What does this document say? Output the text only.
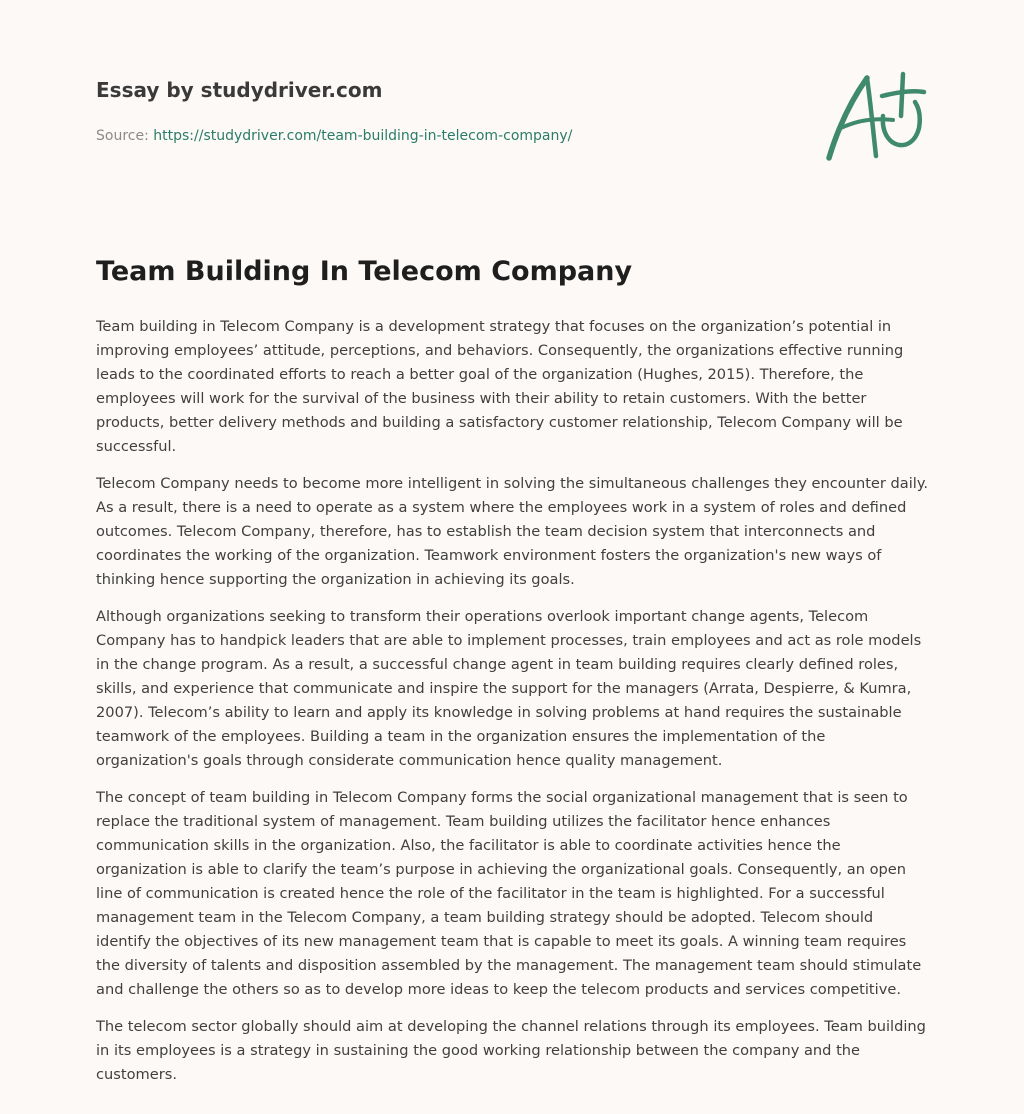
Essay by studydriver.com
Source: https://studydriver.com/team-building-in-telecom-company/
Team Building In Telecom Company

Team building in Telecom Company is a development strategy that focuses on the organization’s potential in improving employees’ attitude, perceptions, and behaviors. Consequently, the organizations effective running leads to the coordinated efforts to reach a better goal of the organization (Hughes, 2015). Therefore, the employees will work for the survival of the business with their ability to retain customers. With the better products, better delivery methods and building a satisfactory customer relationship, Telecom Company will be successful.

Telecom Company needs to become more intelligent in solving the simultaneous challenges they encounter daily. As a result, there is a need to operate as a system where the employees work in a system of roles and defined outcomes. Telecom Company, therefore, has to establish the team decision system that interconnects and coordinates the working of the organization. Teamwork environment fosters the organization's new ways of thinking hence supporting the organization in achieving its goals.

Although organizations seeking to transform their operations overlook important change agents, Telecom Company has to handpick leaders that are able to implement processes, train employees and act as role models in the change program. As a result, a successful change agent in team building requires clearly defined roles, skills, and experience that communicate and inspire the support for the managers (Arrata, Despierre, & Kumra, 2007). Telecom’s ability to learn and apply its knowledge in solving problems at hand requires the sustainable teamwork of the employees. Building a team in the organization ensures the implementation of the organization's goals through considerate communication hence quality management.

The concept of team building in Telecom Company forms the social organizational management that is seen to replace the traditional system of management. Team building utilizes the facilitator hence enhances communication skills in the organization. Also, the facilitator is able to coordinate activities hence the organization is able to clarify the team’s purpose in achieving the organizational goals. Consequently, an open line of communication is created hence the role of the facilitator in the team is highlighted. For a successful management team in the Telecom Company, a team building strategy should be adopted. Telecom should identify the objectives of its new management team that is capable to meet its goals. A winning team requires the diversity of talents and disposition assembled by the management. The management team should stimulate and challenge the others so as to develop more ideas to keep the telecom products and services competitive.

The telecom sector globally should aim at developing the channel relations through its employees. Team building in its employees is a strategy in sustaining the good working relationship between the company and the customers.
